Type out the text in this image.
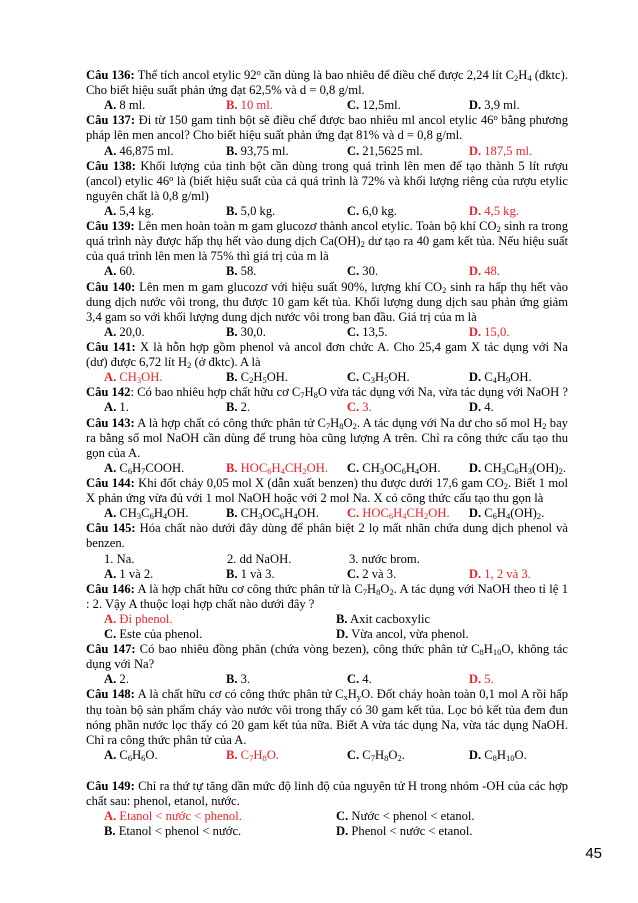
Câu 136: Thể tích ancol etylic 92$^o$ cần dùng là bao nhiêu để điều chế được 2,24 lít $C_2H_4$ (đktc). Cho biết hiệu suất phản ứng đạt 62,5% và d = 0,8 g/ml.
A. 8 ml.	B. 10 ml.	C. 12,5ml.	D. 3,9 ml.
Câu 137: Đi từ 150 gam tinh bột sẽ điều chế được bao nhiêu ml ancol etylic 46$^o$ bằng phương pháp lên men ancol? Cho biết hiệu suất phản ứng đạt 81% và d = 0,8 g/ml.
A. 46,875 ml.	B. 93,75 ml.	C. 21,5625 ml.	D. 187,5 ml.
Câu 138: Khối lượng của tinh bột cần dùng trong quá trình lên men để tạo thành 5 lít rượu (ancol) etylic 46$^o$ là (biết hiệu suất của cả quá trình là 72% và khối lượng riêng của rượu etylic nguyên chất là 0,8 g/ml)
A. 5,4 kg.	B. 5,0 kg.	C. 6,0 kg.	D. 4,5 kg.
Câu 139: Lên men hoàn toàn m gam glucozơ thành ancol etylic. Toàn bộ khí $CO_2$ sinh ra trong quá trình này được hấp thụ hết vào dung dịch $Ca(OH)_2$ dư tạo ra 40 gam kết tủa. Nếu hiệu suất của quá trình lên men là 75% thì giá trị của m là
A. 60.	B. 58.	C. 30.	D. 48.
Câu 140: Lên men m gam glucozơ với hiệu suất 90%, lượng khí $CO_2$ sinh ra hấp thụ hết vào dung dịch nước vôi trong, thu được 10 gam kết tủa. Khối lượng dung dịch sau phản ứng giảm 3,4 gam so với khối lượng dung dịch nước vôi trong ban đầu. Giá trị của m là
A. 20,0.	B. 30,0.	C. 13,5.	D. 15,0.
Câu 141: X là hỗn hợp gồm phenol và ancol đơn chức A. Cho 25,4 gam X tác dụng với Na (dư) được 6,72 lít $H_2$ (ở đktc). A là
A. $CH_3OH$.	B. $C_2H_5OH$.	C. $C_3H_5OH$.	D. $C_4H_9OH$.
Câu 142: Có bao nhiêu hợp chất hữu cơ $C_7H_8O$ vừa tác dụng với Na, vừa tác dụng với NaOH ?
A. 1.	B. 2.	C. 3.	D. 4.
Câu 143: A là hợp chất có công thức phân tử $C_7H_8O_2$. A tác dụng với Na dư cho số mol $H_2$ bay ra bằng số mol NaOH cần dùng để trung hòa cũng lượng A trên. Chỉ ra công thức cấu tạo thu gọn của A.
A. $C_6H_7COOH$.	B. $HOC_6H_4CH_2OH$.	C. $CH_3OC_6H_4OH$.	D. $CH_3C_6H_3(OH)_2$.
Câu 144: Khi đốt cháy 0,05 mol X (dẫn xuất benzen) thu được dưới 17,6 gam $CO_2$. Biết 1 mol X phản ứng vừa đủ với 1 mol NaOH hoặc với 2 mol Na. X có công thức cấu tạo thu gọn là
A. $CH_3C_6H_4OH$.	B. $CH_3OC_6H_4OH$.	C. $HOC_6H_4CH_2OH$.	D. $C_6H_4(OH)_2$.
Câu 145: Hóa chất nào dưới đây dùng để phân biệt 2 lọ mất nhãn chứa dung dịch phenol và benzen.
1. Na.	2. dd NaOH.	3. nước brom.
A. 1 và 2.	B. 1 và 3.	C. 2 và 3.	D. 1, 2 và 3.
Câu 146: A là hợp chất hữu cơ công thức phân tử là $C_7H_8O_2$. A tác dụng với NaOH theo tỉ lệ 1 : 2. Vậy A thuộc loại hợp chất nào dưới đây ?
A. Đi phenol.	B. Axit cacboxylic
C. Este của phenol.	D. Vừa ancol, vừa phenol.
Câu 147: Có bao nhiêu đồng phân (chứa vòng bezen), công thức phân tử $C_8H_{10}O$, không tác dụng với Na?
A. 2.	B. 3.	C. 4.	D. 5.
Câu 148: A là chất hữu cơ có công thức phân tử $C_xH_yO$. Đốt cháy hoàn toàn 0,1 mol A rồi hấp thụ toàn bộ sản phẩm cháy vào nước vôi trong thấy có 30 gam kết tủa. Lọc bỏ kết tủa đem đun nóng phần nước lọc thấy có 20 gam kết tủa nữa. Biết A vừa tác dụng Na, vừa tác dụng NaOH. Chỉ ra công thức phân tử của A.
A. $C_6H_6O$.	B. $C_7H_8O$.	C. $C_7H_8O_2$.	D. $C_8H_{10}O$.
Câu 149: Chỉ ra thứ tự tăng dần mức độ linh độ của nguyên tử H trong nhóm -OH của các hợp chất sau: phenol, etanol, nước.
A. Etanol < nước < phenol.	C. Nước < phenol < etanol.
B. Etanol < phenol < nước.	D. Phenol < nước < etanol.
45
